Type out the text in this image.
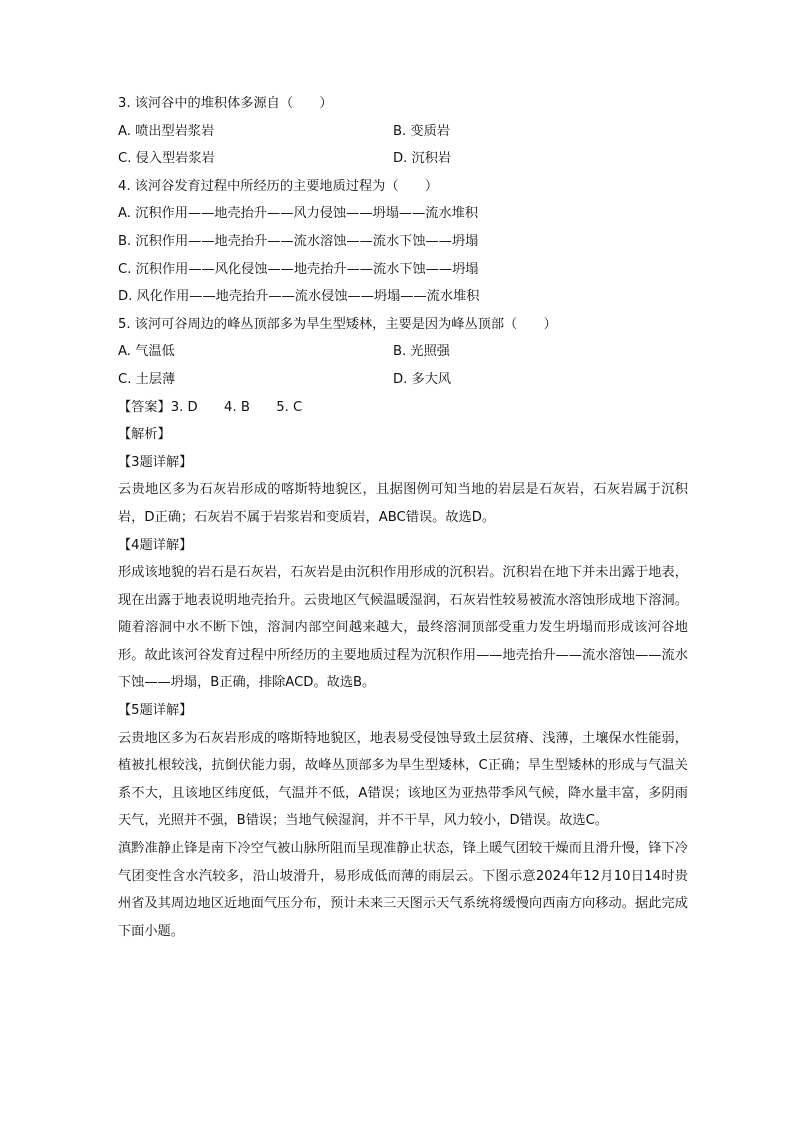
3. 该河谷中的堆积体多源自（　　）
A. 喷出型岩浆岩	B. 变质岩
C. 侵入型岩浆岩	D. 沉积岩
4. 该河谷发育过程中所经历的主要地质过程为（　　）
A. 沉积作用——地壳抬升——风力侵蚀——坍塌——流水堆积
B. 沉积作用——地壳抬升——流水溶蚀——流水下蚀——坍塌
C. 沉积作用——风化侵蚀——地壳抬升——流水下蚀——坍塌
D. 风化作用——地壳抬升——流水侵蚀——坍塌——流水堆积
5. 该河可谷周边的峰丛顶部多为旱生型矮林，主要是因为峰丛顶部（　　）
A. 气温低	B. 光照强
C. 土层薄	D. 多大风
【答案】3. D　　4. B　　5. C
【解析】
【3题详解】

云贵地区多为石灰岩形成的喀斯特地貌区，且据图例可知当地的岩层是石灰岩，石灰岩属于沉积岩，D正确；石灰岩不属于岩浆岩和变质岩，ABC错误。故选D。

【4题详解】

形成该地貌的岩石是石灰岩，石灰岩是由沉积作用形成的沉积岩。沉积岩在地下并未出露于地表，现在出露于地表说明地壳抬升。云贵地区气候温暖湿润，石灰岩性较易被流水溶蚀形成地下溶洞。随着溶洞中水不断下蚀，溶洞内部空间越来越大，最终溶洞顶部受重力发生坍塌而形成该河谷地形。故此该河谷发育过程中所经历的主要地质过程为沉积作用——地壳抬升——流水溶蚀——流水下蚀——坍塌，B正确，排除ACD。故选B。

【5题详解】

云贵地区多为石灰岩形成的喀斯特地貌区，地表易受侵蚀导致土层贫瘠、浅薄，土壤保水性能弱，植被扎根较浅，抗倒伏能力弱，故峰丛顶部多为旱生型矮林，C正确；旱生型矮林的形成与气温关系不大，且该地区纬度低，气温并不低，A错误；该地区为亚热带季风气候，降水量丰富，多阴雨天气，光照并不强，B错误；当地气候湿润，并不干旱，风力较小，D错误。故选C。

滇黔准静止锋是南下冷空气被山脉所阻而呈现准静止状态，锋上暖气团较干燥而且滑升慢，锋下冷气团变性含水汽较多，沿山坡滑升，易形成低而薄的雨层云。下图示意2024年12月10日14时贵州省及其周边地区近地面气压分布，预计未来三天图示天气系统将缓慢向西南方向移动。据此完成下面小题。
